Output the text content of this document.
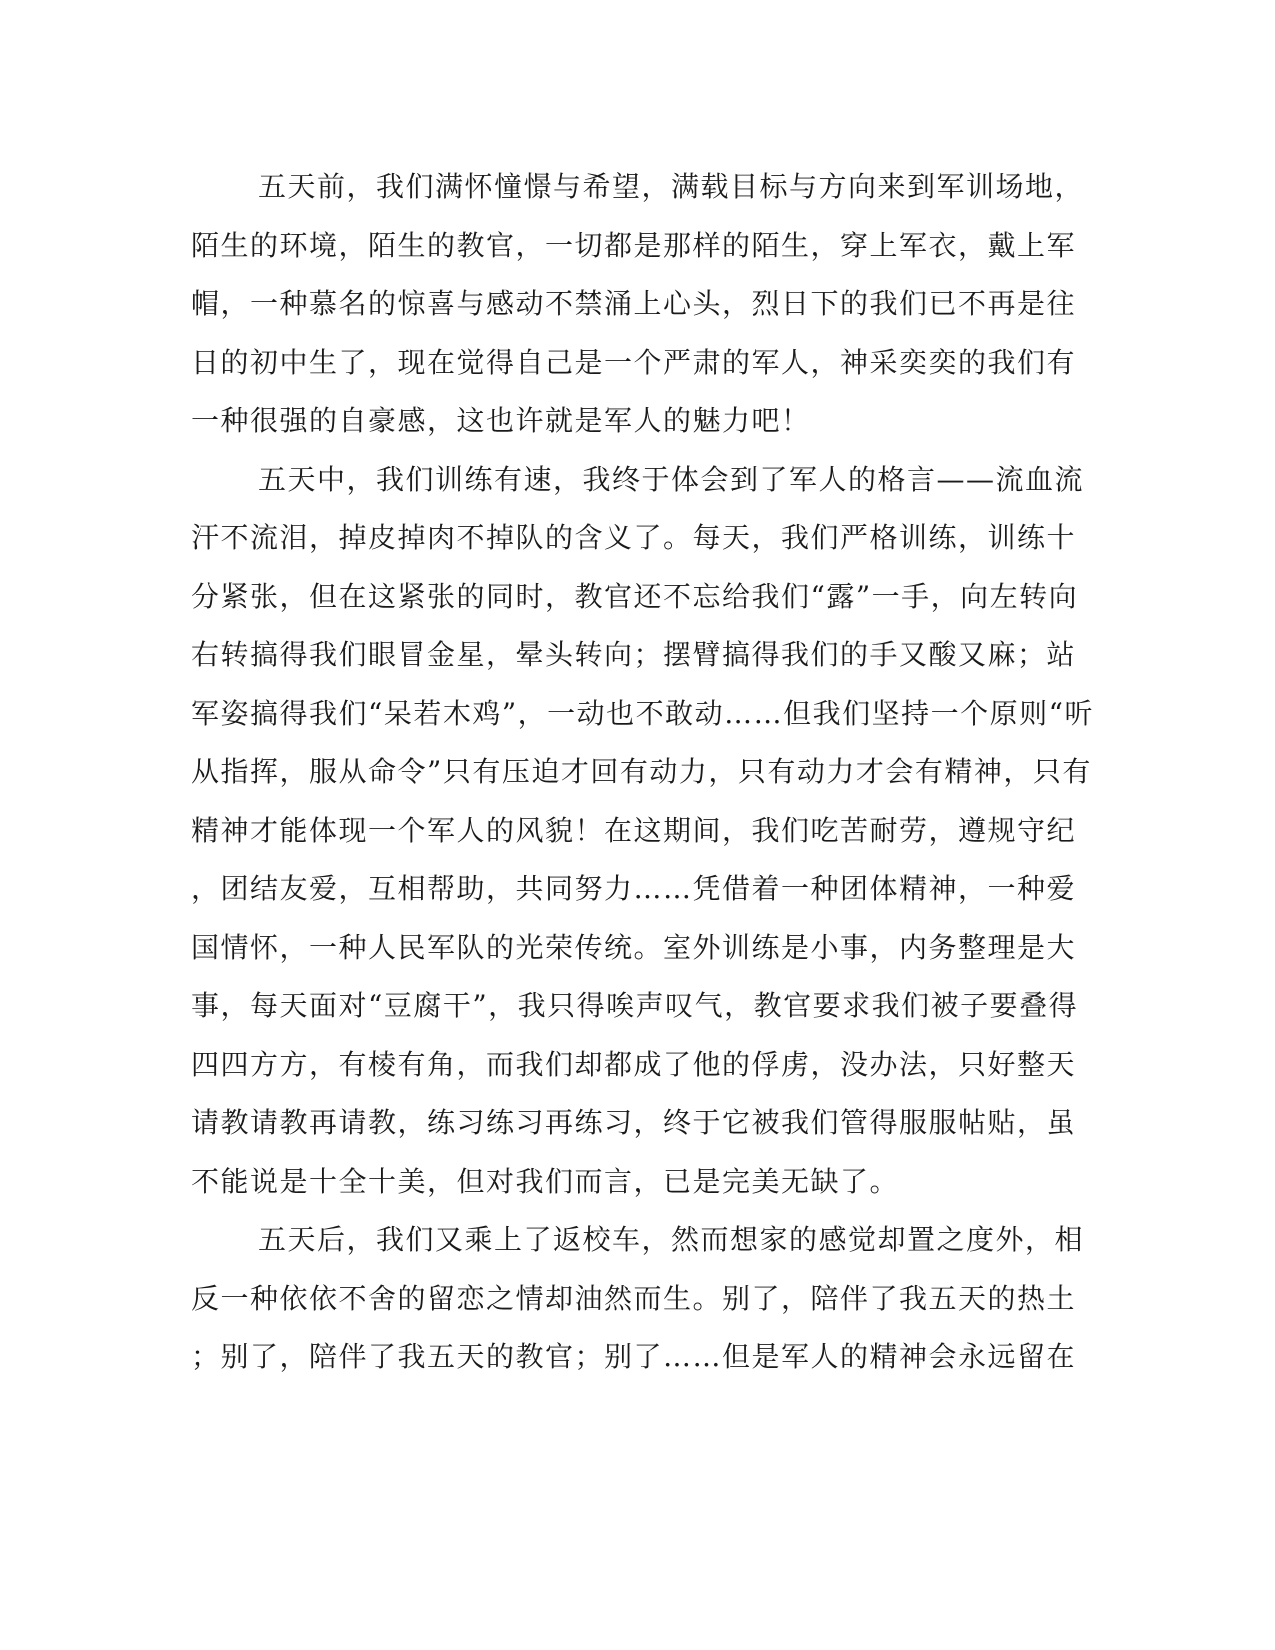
五天前，我们满怀憧憬与希望，满载目标与方向来到军训场地，
陌生的环境，陌生的教官，一切都是那样的陌生，穿上军衣，戴上军
帽，一种慕名的惊喜与感动不禁涌上心头，烈日下的我们已不再是往
日的初中生了，现在觉得自己是一个严肃的军人，神采奕奕的我们有
一种很强的自豪感，这也许就是军人的魅力吧！
五天中，我们训练有速，我终于体会到了军人的格言——流血流
汗不流泪，掉皮掉肉不掉队的含义了。每天，我们严格训练，训练十
分紧张，但在这紧张的同时，教官还不忘给我们“露”一手，向左转向
右转搞得我们眼冒金星，晕头转向；摆臂搞得我们的手又酸又麻；站
军姿搞得我们“呆若木鸡”，一动也不敢动……但我们坚持一个原则“听
从指挥，服从命令”只有压迫才回有动力，只有动力才会有精神，只有
精神才能体现一个军人的风貌！在这期间，我们吃苦耐劳，遵规守纪
，团结友爱，互相帮助，共同努力……凭借着一种团体精神，一种爱
国情怀，一种人民军队的光荣传统。室外训练是小事，内务整理是大
事，每天面对“豆腐干”，我只得唉声叹气，教官要求我们被子要叠得
四四方方，有棱有角，而我们却都成了他的俘虏，没办法，只好整天
请教请教再请教，练习练习再练习，终于它被我们管得服服帖贴，虽
不能说是十全十美，但对我们而言，已是完美无缺了。
五天后，我们又乘上了返校车，然而想家的感觉却置之度外，相
反一种依依不舍的留恋之情却油然而生。别了，陪伴了我五天的热土
；别了，陪伴了我五天的教官；别了……但是军人的精神会永远留在
